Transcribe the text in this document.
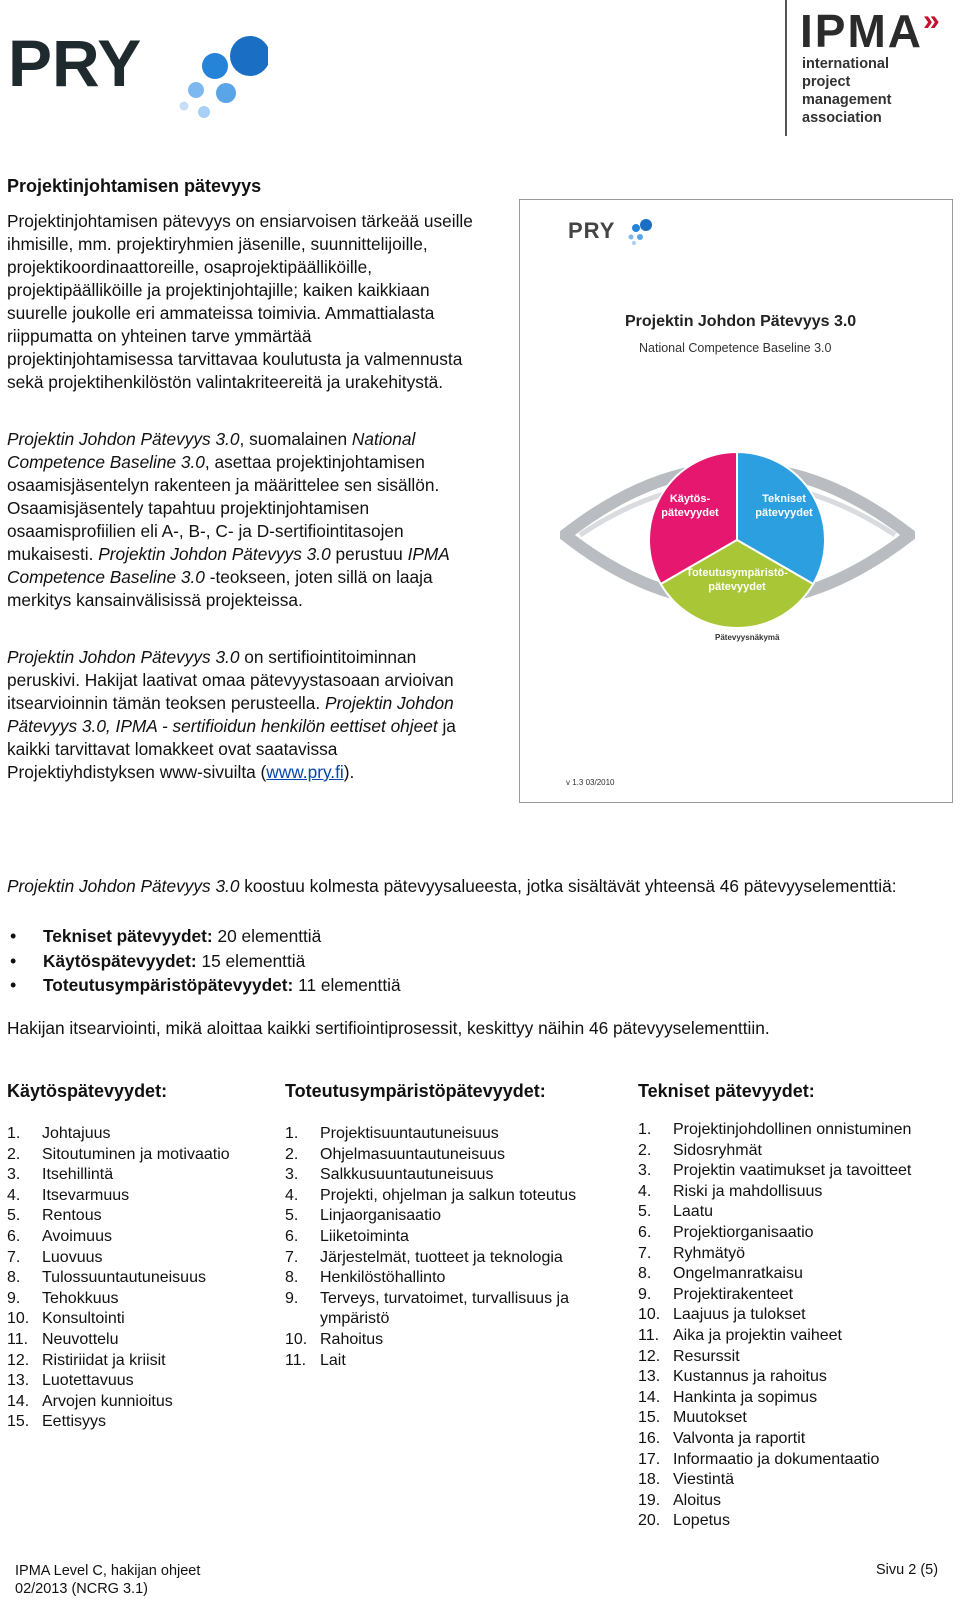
PRY	IPMA»
international
project
management
association
Projektinjohtamisen pätevyys
Projektinjohtamisen pätevyys on ensiarvoisen tärkeää useille ihmisille, mm. projektiryhmien jäsenille, suunnittelijoille, projektikoordinaattoreille, osaprojektipäälliköille, projektipäälliköille ja projektinjohtajille; kaiken kaikkiaan suurelle joukolle eri ammateissa toimivia. Ammattialasta riippumatta on yhteinen tarve ymmärtää projektinjohtamisessa tarvittavaa koulutusta ja valmennusta sekä projektihenkilöstön valintakriteereitä ja urakehitystä.
Projektin Johdon Pätevyys 3.0, suomalainen National Competence Baseline 3.0, asettaa projektinjohtamisen osaamisjäsentelyn rakenteen ja määrittelee sen sisällön. Osaamisjäsentely tapahtuu projektinjohtamisen osaamisprofiilien eli A-, B-, C- ja D-sertifiointitasojen mukaisesti. Projektin Johdon Pätevyys 3.0 perustuu IPMA Competence Baseline 3.0 -teokseen, joten sillä on laaja merkitys kansainvälisissä projekteissa.
Projektin Johdon Pätevyys 3.0 on sertifiointitoiminnan peruskivi. Hakijat laativat omaa pätevyystasoaan arvioivan itsearvioinnin tämän teoksen perusteella. Projektin Johdon Pätevyys 3.0, IPMA - sertifioidun henkilön eettiset ohjeet ja kaikki tarvittavat lomakkeet ovat saatavissa Projektiyhdistyksen www-sivuilta (www.pry.fi).
PRY
Projektin Johdon Pätevyys 3.0
National Competence Baseline 3.0
Käytös-
pätevyydet
Tekniset
pätevyydet
Toteutusympäristö-
pätevyydet
Pätevyysnäkymä
v 1.3 03/2010
Projektin Johdon Pätevyys 3.0 koostuu kolmesta pätevyysalueesta, jotka sisältävät yhteensä 46 pätevyyselementtiä:
• Tekniset pätevyydet: 20 elementtiä
• Käytöspätevyydet: 15 elementtiä
• Toteutusympäristöpätevyydet: 11 elementtiä
Hakijan itsearviointi, mikä aloittaa kaikki sertifiointiprosessit, keskittyy näihin 46 pätevyyselementtiin.
Käytöspätevyydet:	Toteutusympäristöpätevyydet:	Tekniset pätevyydet:
1.	Johtajuus
2.	Sitoutuminen ja motivaatio
3.	Itsehillintä
4.	Itsevarmuus
5.	Rentous
6.	Avoimuus
7.	Luovuus
8.	Tulossuuntautuneisuus
9.	Tehokkuus
10. Konsultointi
11. Neuvottelu
12. Ristiriidat ja kriisit
13. Luotettavuus
14. Arvojen kunnioitus
15. Eettisyys
1.	Projektisuuntautuneisuus
2.	Ohjelmasuuntautuneisuus
3.	Salkkusuuntautuneisuus
4.	Projekti, ohjelman ja salkun toteutus
5.	Linjaorganisaatio
6.	Liiketoiminta
7.	Järjestelmät, tuotteet ja teknologia
8.	Henkilöstöhallinto
9.	Terveys, turvatoimet, turvallisuus ja ympäristö
10. Rahoitus
11. Lait
1.	Projektinjohdollinen onnistuminen
2.	Sidosryhmät
3.	Projektin vaatimukset ja tavoitteet
4.	Riski ja mahdollisuus
5.	Laatu
6.	Projektiorganisaatio
7.	Ryhmätyö
8.	Ongelmanratkaisu
9.	Projektirakenteet
10. Laajuus ja tulokset
11. Aika ja projektin vaiheet
12. Resurssit
13. Kustannus ja rahoitus
14. Hankinta ja sopimus
15. Muutokset
16. Valvonta ja raportit
17. Informaatio ja dokumentaatio
18. Viestintä
19. Aloitus
20. Lopetus
IPMA Level C, hakijan ohjeet
02/2013 (NCRG 3.1)
Sivu 2 (5)
